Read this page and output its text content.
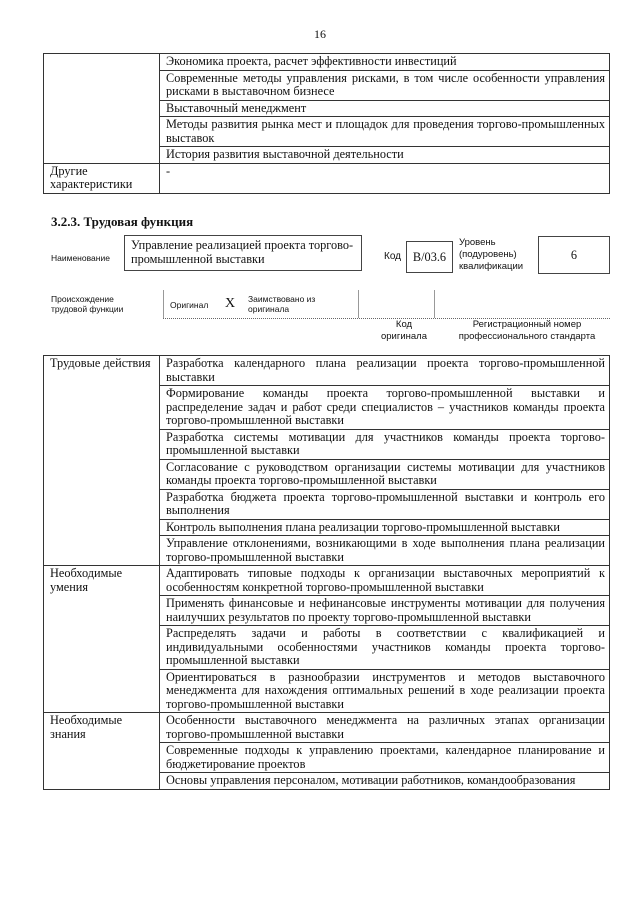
16
	Экономика проекта, расчет эффективности инвестиций
	Современные методы управления рисками, в том числе особенности управления рисками в выставочном бизнесе
	Выставочный менеджмент
	Методы развития рынка мест и площадок для проведения торгово-промышленных выставок
	История развития выставочной деятельности
Другие характеристики	-
3.2.3. Трудовая функция
Наименование
Управление реализацией проекта торгово-промышленной выставки	Код B/03.6
Уровень (подуровень) квалификации
6
Происхождение трудовой функции	Оригинал X Заимствовано из оригинала
Код оригинала
Регистрационный номер профессионального стандарта
Трудовые действия	Разработка календарного плана реализации проекта торгово-промышленной выставки
	Формирование команды проекта торгово-промышленной выставки и распределение задач и работ среди специалистов – участников команды проекта торгово-промышленной выставки
	Разработка системы мотивации для участников команды проекта торгово-промышленной выставки
	Согласование с руководством организации системы мотивации для участников команды проекта торгово-промышленной выставки
	Разработка бюджета проекта торгово-промышленной выставки и контроль его выполнения
	Контроль выполнения плана реализации торгово-промышленной выставки
	Управление отклонениями, возникающими в ходе выполнения плана реализации торгово-промышленной выставки
Необходимые умения	Адаптировать типовые подходы к организации выставочных мероприятий к особенностям конкретной торгово-промышленной выставки
	Применять финансовые и нефинансовые инструменты мотивации для получения наилучших результатов по проекту торгово-промышленной выставки
	Распределять задачи и работы в соответствии с квалификацией и индивидуальными особенностями участников команды проекта торгово-промышленной выставки
	Ориентироваться в разнообразии инструментов и методов выставочного менеджмента для нахождения оптимальных решений в ходе реализации проекта торгово-промышленной выставки
Необходимые знания	Особенности выставочного менеджмента на различных этапах организации торгово-промышленной выставки
	Современные подходы к управлению проектами, календарное планирование и бюджетирование проектов
	Основы управления персоналом, мотивации работников, командообразования
